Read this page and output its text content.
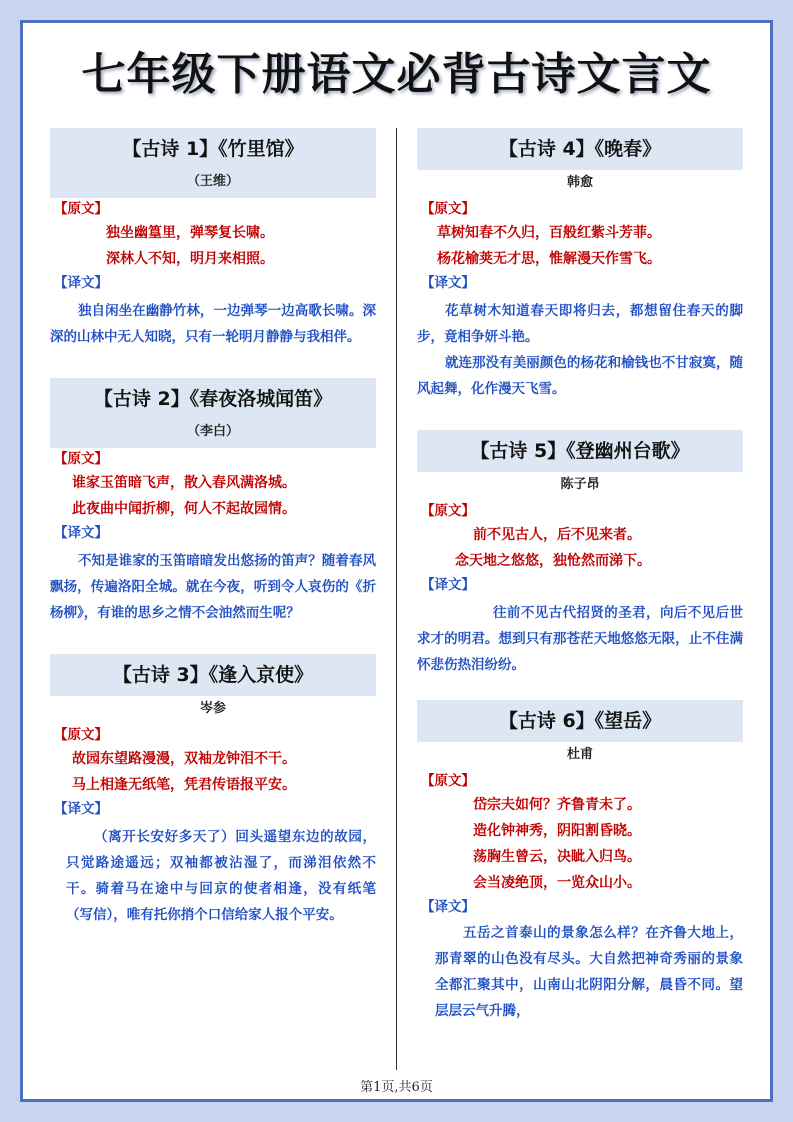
七年级下册语文必背古诗文言文
【古诗 1】《竹里馆》
（王维）
【原文】
独坐幽篁里，弹琴复长啸。
深林人不知，明月来相照。
【译文】

独自闲坐在幽静竹林，一边弹琴一边高歌长啸。深深的山林中无人知晓，只有一轮明月静静与我相伴。

【古诗 2】《春夜洛城闻笛》
（李白）
【原文】
谁家玉笛暗飞声，散入春风满洛城。
此夜曲中闻折柳，何人不起故园情。
【译文】

不知是谁家的玉笛暗暗发出悠扬的笛声？随着春风飘扬，传遍洛阳全城。就在今夜，听到令人哀伤的《折杨柳》，有谁的思乡之情不会油然而生呢？

【古诗 3】《逢入京使》
岑参
【原文】
故园东望路漫漫，双袖龙钟泪不干。
马上相逢无纸笔，凭君传语报平安。
【译文】

（离开长安好多天了）回头遥望东边的故园，只觉路途遥远；双袖都被沾湿了，而涕泪依然不干。骑着马在途中与回京的使者相逢，没有纸笔（写信），唯有托你捎个口信给家人报个平安。

【古诗 4】《晚春》
韩愈
【原文】
草树知春不久归，百般红紫斗芳菲。
杨花榆荚无才思，惟解漫天作雪飞。
【译文】

花草树木知道春天即将归去，都想留住春天的脚步，竟相争妍斗艳。

就连那没有美丽颜色的杨花和榆钱也不甘寂寞，随风起舞，化作漫天飞雪。

【古诗 5】《登幽州台歌》
陈子昂
【原文】
前不见古人，后不见来者。
念天地之悠悠，独怆然而涕下。
【译文】

往前不见古代招贤的圣君，向后不见后世求才的明君。想到只有那苍茫天地悠悠无限，止不住满怀悲伤热泪纷纷。

【古诗 6】《望岳》
杜甫
【原文】
岱宗夫如何？齐鲁青未了。
造化钟神秀，阴阳割昏晓。
荡胸生曾云，决眦入归鸟。
会当凌绝顶，一览众山小。
【译文】

五岳之首泰山的景象怎么样？在齐鲁大地上，那青翠的山色没有尽头。大自然把神奇秀丽的景象全都汇聚其中，山南山北阴阳分解，晨昏不同。望层层云气升腾，

第1页,共6页
